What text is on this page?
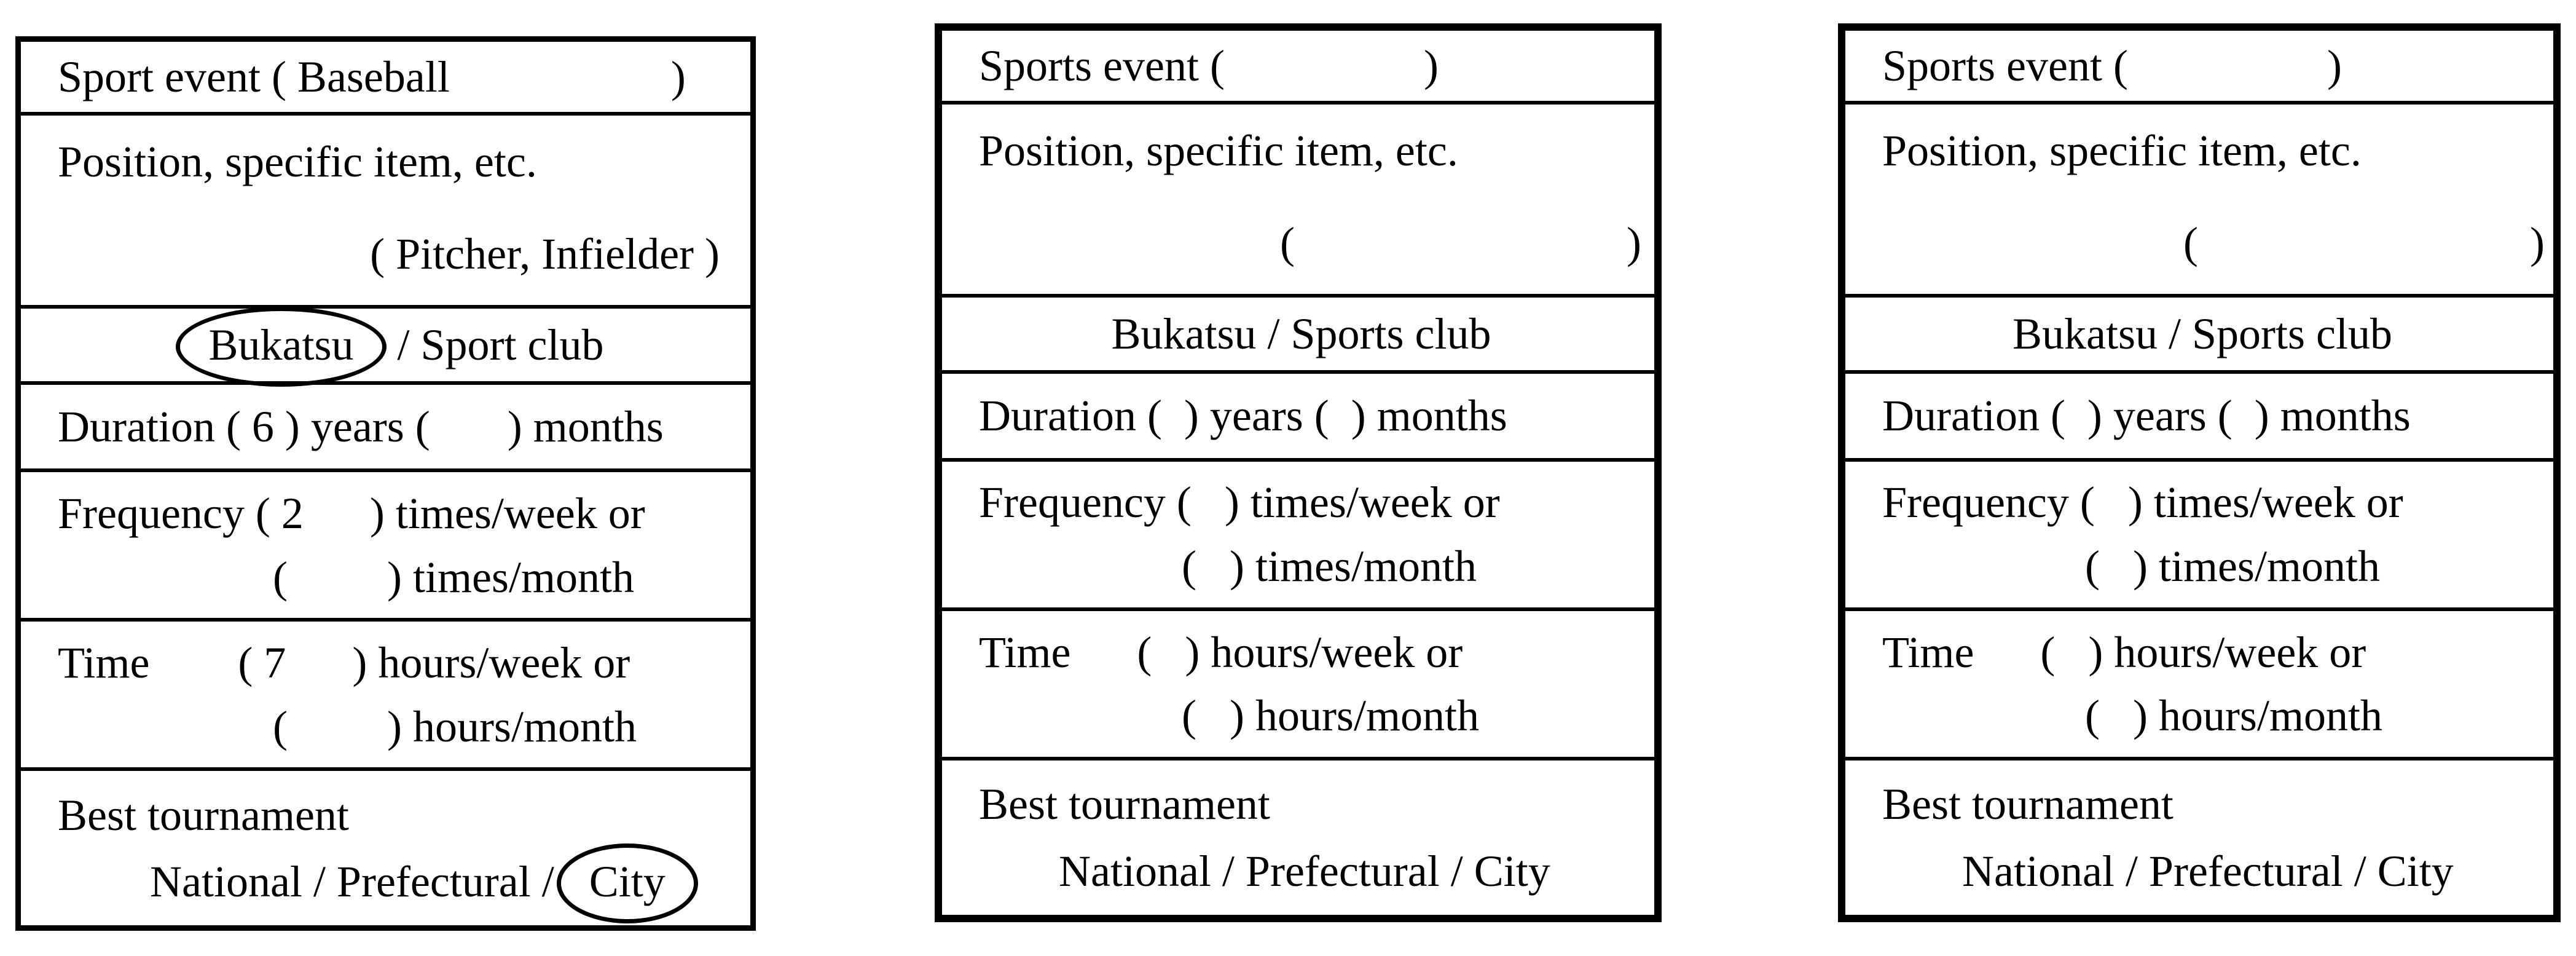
Sport event ( Baseball                    )
Position, specific item, etc.
( Pitcher, Infielder )
Bukatsu / Sport club
Duration ( 6 ) years (       ) months
Frequency ( 2      ) times/week or
(         ) times/month
Time        ( 7      ) hours/week or
(         ) hours/month
Best tournament
National / Prefectural / City
Sports event (                  )
Position, specific item, etc.
(                              )
Bukatsu / Sports club
Duration (  ) years (  ) months
Frequency (   ) times/week or
(   ) times/month
Time      (   ) hours/week or
(   ) hours/month
Best tournament
National / Prefectural / City
Sports event (                  )
Position, specific item, etc.
(                              )
Bukatsu / Sports club
Duration (  ) years (  ) months
Frequency (   ) times/week or
(   ) times/month
Time      (   ) hours/week or
(   ) hours/month
Best tournament
National / Prefectural / City
